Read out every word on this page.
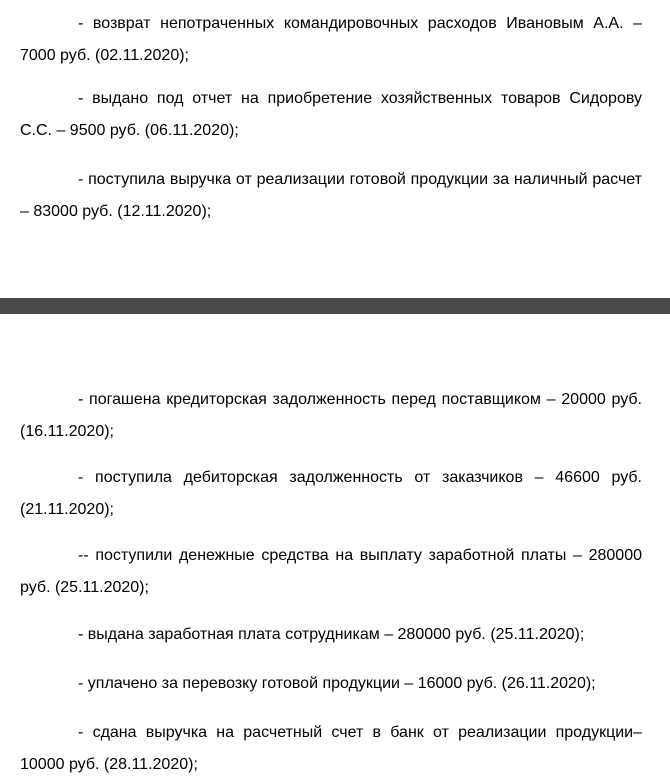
- возврат непотраченных командировочных расходов Ивановым А.А. – 7000 руб. (02.11.2020);

- выдано под отчет на приобретение хозяйственных товаров Сидорову С.С. – 9500 руб. (06.11.2020);

- поступила выручка от реализации готовой продукции за наличный расчет – 83000 руб. (12.11.2020);

- погашена кредиторская задолженность перед поставщиком – 20000 руб. (16.11.2020);

- поступила дебиторская задолженность от заказчиков – 46600 руб. (21.11.2020);

-- поступили денежные средства на выплату заработной платы – 280000 руб. (25.11.2020);

- выдана заработная плата сотрудникам – 280000 руб. (25.11.2020);

- уплачено за перевозку готовой продукции – 16000 руб. (26.11.2020);

- сдана выручка на расчетный счет в банк от реализации продукции– 10000 руб. (28.11.2020);
